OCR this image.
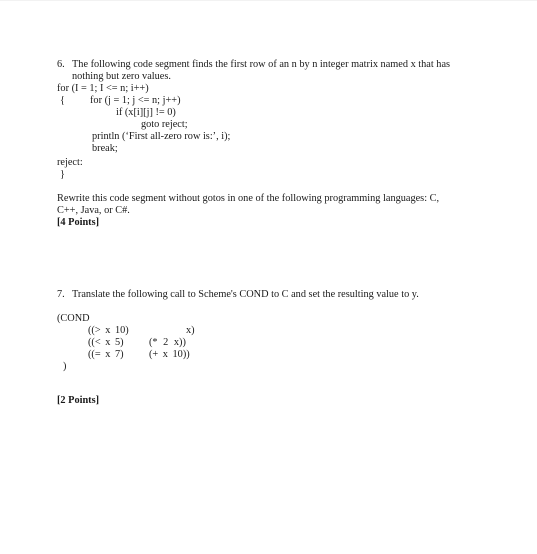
6. The following code segment finds the first row of an n by n integer matrix named x that has
nothing but zero values.
for (I = 1; I <= n; i++)
{ for (j = 1; j <= n; j++)
if (x[i][j] != 0)
goto reject;
println (‘First all-zero row is:’, i);
break;
reject:
}
Rewrite this code segment without gotos in one of the following programming languages: C,
C++, Java, or C#.
[4 Points]
7. Translate the following call to Scheme's COND to C and set the resulting value to y.
(COND
((> x 10)	x)
((< x 5) (* 2 x))
((= x 7) (+ x 10))
)
[2 Points]
